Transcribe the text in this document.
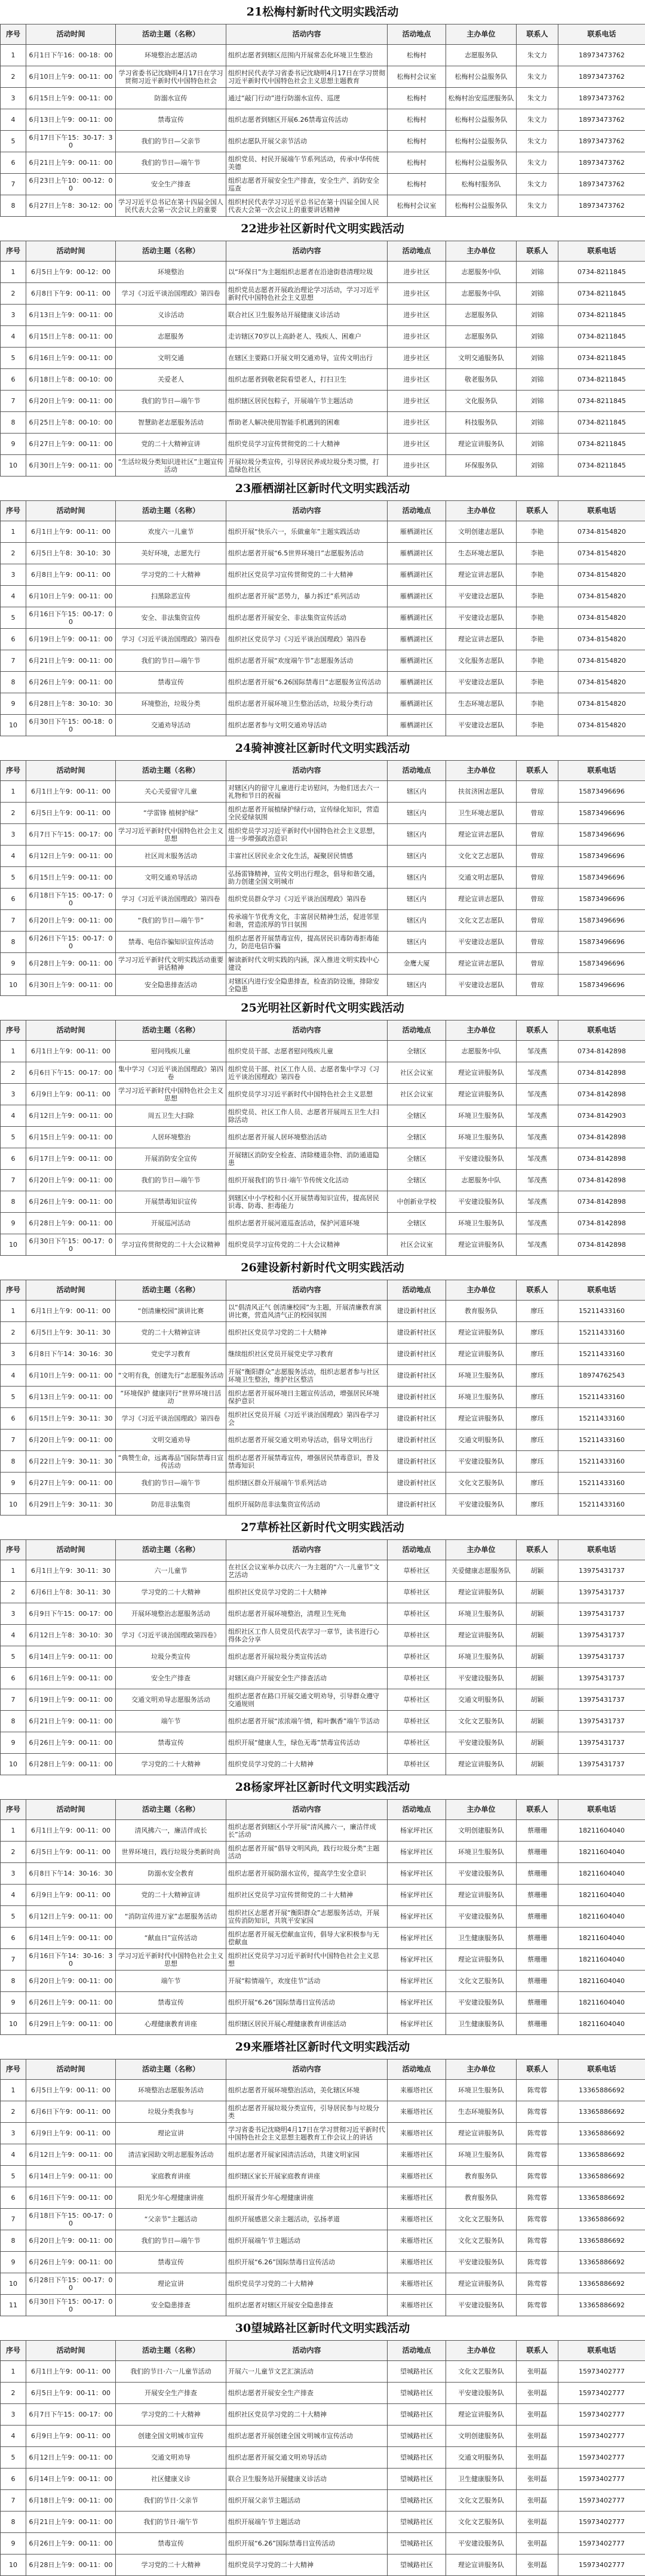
21松梅村新时代文明实践活动
序号	活动时间	活动主题（名称）	活动内容	活动地点	主办单位	联系人	联系电话
1	6月1日下午16：00-18：00	环境整治志愿活动	组织志愿者到辖区范围内开展常态化环境卫生整治	松梅村	志愿服务队	朱文力	18973473762
2	6月10日上午9：00-11：00	学习省委书记沈晓明4月17日在学习贯彻习近平新时代中国特色社会	组织村民代表学习省委书记沈晓明4月17日在学习贯彻习近平新时代中国特色社会主义思想主题教育	松梅村会议室	松梅村公益服务队	朱文力	18973473762
3	6月15日上午9：00-11：00	防溺水宣传	通过“敲门行动”进行防溺水宣传、巡逻	松梅村	松梅村治安巡逻服务队	朱文力	18973473762
4	6月13日上午9：00-11：00	禁毒宣传	组织志愿者到辖区开展6.26禁毒宣传活动	松梅村	松梅村公益服务队	朱文力	18973473762
5	6月17日下午15：30-17：30	我们的节日—父亲节	组织志愿队开展父亲节活动	松梅村	松梅村公益服务队	朱文力	18973473762
6	6月21日上午9：00-11：00	我们的节日—端午节	组织党员、村民开展端午节系列活动，传承中华传统美德	松梅村	松梅村公益服务队	朱文力	18973473762
7	6月23日上午10：00-12：00	安全生产排查	组织志愿者开展安全生产排查，安全生产、消防安全巡查	松梅村	松梅村服务队	朱文力	18973473762
8	6月27日上午8：30-12：00	学习习近平总书记在第十四届全国人民代表大会第一次会议上的重要	组织村民代表学习习近平总书记在第十四届全国人民代表大会第一次会议上的重要讲话精神	松梅村会议室	松梅村公益服务队	朱文力	18973473762
22进步社区新时代文明实践活动
序号	活动时间	活动主题（名称）	活动内容	活动地点	主办单位	联系人	联系电话
1	6月5日上午9：00-12：00	环境整治	以“环保日”为主题组织志愿者在沿途街巷清理垃圾	进步社区	志愿服务中队	刘锦	0734-8211845
2	6月8日下午9：00-11：00	学习《习近平谈治国理政》第四卷	组织党员志愿者开展政治理论学习活动，学习习近平新时代中国特色社会主义思想	进步社区	志愿服务中队	刘锦	0734-8211845
3	6月13日上午9：00-11：00	义诊活动	联合社区卫生服务站开展健康义诊活动	进步社区	志愿服务队	刘锦	0734-8211845
4	6月15日上午8：00-11：00	志愿服务	走访辖区70岁以上高龄老人、残疾人、困难户	进步社区	志愿服务队	刘锦	0734-8211845
5	6月16日上午9：00-11：00	文明交通	在辖区主要路口开展文明交通劝导，宣传文明出行	进步社区	文明交通服务队	刘锦	0734-8211845
6	6月18日上午8：00-10：00	关爱老人	组织志愿者到敬老院看望老人，打扫卫生	进步社区	敬老服务队	刘锦	0734-8211845
7	6月20日上午9：00-11：00	我们的节日—端午节	组织辖区居民包粽子，开展端午节主题活动	进步社区	文化服务队	刘锦	0734-8211845
8	6月25日上午8：00-10：00	智慧助老志愿服务活动	帮助老人解决使用智能手机遇到的困难	进步社区	科技服务队	刘锦	0734-8211845
9	6月27日上午9：00-11：00	党的二十大精神宣讲	组织党员学习宣传贯彻党的二十大精神	进步社区	理论宣讲服务队	刘锦	0734-8211845
10	6月30日上午9：00-11：00	“生活垃圾分类知识进社区”主题宣传活动	开展垃圾分类宣传，引导居民养成垃圾分类习惯，打造绿色社区	进步社区	环保服务队	刘锦	0734-8211845
23雁栖湖社区新时代文明实践活动
序号	活动时间	活动主题（名称）	活动内容	活动地点	主办单位	联系人	联系电话
1	6月1日上午9：00-11：00	欢度六一儿童节	组织开展“快乐六一，乐做童年”主题实践活动	雁栖湖社区	文明创建志愿队	李艳	0734-8154820
2	6月5日上午8：30-10：30	美好环境，志愿先行	组织志愿者开展“6.5世界环境日”志愿服务活动	雁栖湖社区	生态环境志愿队	李艳	0734-8154820
3	6月8日上午9：00-11：00	学习党的二十大精神	组织社区党员学习宣传贯彻党的二十大精神	雁栖湖社区	理论宣讲志愿队	李艳	0734-8154820
4	6月10日上午9：00-11：00	扫黑除恶宣传	组织志愿者开展“恶势力，暴力拆迁”系列活动	雁栖湖社区	平安建设志愿队	李艳	0734-8154820
5	6月16日下午15：00-17：00	安全、非法集资宣传	组织志愿者开展安全、非法集资宣传活动	雁栖湖社区	平安建设志愿队	李艳	0734-8154820
6	6月19日上午9：00-11：00	学习《习近平谈治国理政》第四卷	组织社区党员学习《习近平谈治国理政》第四卷	雁栖湖社区	理论宣讲志愿队	李艳	0734-8154820
7	6月21日上午9：00-11：00	我们的节日—端午节	组织志愿者开展“欢度端午节”志愿服务活动	雁栖湖社区	文化服务志愿队	李艳	0734-8154820
8	6月26日上午9：00-11：00	禁毒宣传	组织志愿者开展“6.26国际禁毒日”志愿服务宣传活动	雁栖湖社区	平安建设志愿队	李艳	0734-8154820
9	6月28日上午8：30-10：30	环境整治，垃圾分类	组织志愿者开展环境卫生整治活动，垃圾分类行动	雁栖湖社区	生态环境志愿队	李艳	0734-8154820
10	6月30日下午15：00-18：00	交通劝导活动	组织志愿者参与文明交通劝导活动	雁栖湖社区	平安建设志愿队	李艳	0734-8154820
24骑神渡社区新时代文明实践活动
序号	活动时间	活动主题（名称）	活动内容	活动地点	主办单位	联系人	联系电话
1	6月1日上午9：00-11：00	关心关爱留守儿童	对辖区内的留守儿童进行走访慰问，为他们送去六一礼物和节日的祝福	辖区内	扶贫济困志愿队	曾琼	15873496696
2	6月5日上午9：00-11：00	“学雷锋 植树护绿”	组织志愿者开展植绿护绿行动，宣传绿化知识，营造全民爱绿氛围	辖区内	卫生环境志愿队	曾琼	15873496696
3	6月7日下午15：00-17：00	学习习近平新时代中国特色社会主义思想	组织党员学习习近平新时代中国特色社会主义思想，进一步增强政治意识	辖区内	理论宣讲志愿队	曾琼	15873496696
4	6月12日上午9：00-11：00	社区周末服务活动	丰富社区居民业余文化生活，凝聚居民情感	辖区内	文化文艺志愿队	曾琼	15873496696
5	6月15日上午9：00-11：00	文明交通劝导活动	弘扬雷锋精神，宣传文明出行理念，倡导和谐交通，助力创建全国文明城市	辖区内	交通文明志愿队	曾琼	15873496696
6	6月18日下午15：00-17：00	学习《习近平谈治国理政》第四卷	组织党员群众学习《习近平谈治国理政》第四卷	辖区内	理论宣讲志愿队	曾琼	15873496696
7	6月20日上午9：00-11：00	“我们的节日—端午节”	传承端午节优秀文化，丰富居民精神生活，促进邻里和谐，营造浓厚的节日氛围	辖区内	文化文艺志愿队	曾琼	15873496696
8	6月26日下午15：00-17：00	禁毒、电信诈骗知识宣传活动	组织志愿者开展禁毒宣传，提高居民识毒防毒拒毒能力，防范电信诈骗	辖区内	平安建设志愿队	曾琼	15873496696
9	6月28日上午9：00-11：00	学习习近平新时代文明实践活动重要讲话精神	解读新时代文明实践的内涵，深入推进文明实践中心建设	金鹰大厦	理论宣讲志愿队	曾琼	15873496696
10	6月30日上午9：00-11：00	安全隐患排查活动	对辖区内进行安全隐患排查，检查消防设施，排除安全隐患	辖区内	平安建设志愿队	曾琼	15873496696
25光明社区新时代文明实践活动
序号	活动时间	活动主题（名称）	活动内容	活动地点	主办单位	联系人	联系电话
1	6月1日上午9：00-11：00	慰问残疾儿童	组织党员干部、志愿者慰问残疾儿童	全辖区	志愿服务中队	邹茂燕	0734-8142898
2	6月6日下午15：00-17：00	集中学习《习近平谈治国理政》第四卷	组织党员干部、社区工作人员、志愿者集中学习《习近平谈治国理政》第四卷	社区会议室	理论宣讲服务队	邹茂燕	0734-8142898
3	6月9日上午9：00-11：00	学习习近平新时代中国特色社会主义思想	组织党员学习习近平新时代中国特色社会主义思想	社区会议室	理论宣讲服务队	邹茂燕	0734-8142898
4	6月12日上午9：00-11：00	周五卫生大扫除	组织党员、社区工作人员、志愿者开展周五卫生大扫除活动	全辖区	环境卫生服务队	邹茂燕	0734-8142903
5	6月15日上午9：00-11：00	人居环境整治	组织志愿者开展人居环境整治活动	全辖区	环境卫生服务队	邹茂燕	0734-8142898
6	6月17日上午9：00-11：00	开展消防安全宣传	开展辖区消防安全检查、清除楼道杂物、消防通道隐患	全辖区	平安建设服务队	邹茂燕	0734-8142898
7	6月20日上午9：00-11：00	我们的节日—端午节	组织开展我们的节日·端午节传统文化活动	全辖区	志愿服务中队	邹茂燕	0734-8142898
8	6月26日上午9：00-11：00	开展禁毒知识宣传	到辖区中小学校和小区开展禁毒知识宣传，提高居民识毒、防毒、拒毒能力	中创新业学校	平安建设服务队	邹茂燕	0734-8142898
9	6月28日上午9：00-11：00	开展巡河活动	组织志愿者开展河道巡查活动，保护河道环境	全辖区	环境卫生服务队	邹茂燕	0734-8142898
10	6月30日下午15：00-17：00	学习宣传贯彻党的二十大会议精神	组织党员学习宣传党的二十大会议精神	社区会议室	理论宣讲服务队	邹茂燕	0734-8142898
26建设新村新时代文明实践活动
序号	活动时间	活动主题（名称）	活动内容	活动地点	主办单位	联系人	联系电话
1	6月1日上午9：00-11：00	“创清廉校园”演讲比赛	以“倡清风正气 创清廉校园”为主题，开展清廉教育演讲比赛，营造风清气正的校园氛围	建设新村社区	教育服务队	廖珏	15211433160
2	6月5日上午9：30-11：30	党的二十大精神宣讲	组织社区党员学习党的二十大精神	建设新村社区	理论宣讲服务队	廖珏	15211433160
3	6月8日下午14：30-16：30	党史学习教育	继续组织社区党员开展党史学习教育	建设新村社区	理论宣讲服务队	廖珏	15211433160
4	6月10日上午9：00-11：00	“文明有我，创建先行”志愿服务活动	开展“衡阳群众”志愿服务活动，组织志愿者参与社区环境卫生整治，维护社区整洁	建设新村社区	环境卫生服务队	廖珏	18974762543
5	6月13日上午9：00-11：00	“环境保护 健康同行”世界环境日活动	组织志愿者开展环境日主题宣传活动，增强居民环境保护意识	建设新村社区	环境卫生服务队	廖珏	15211433160
6	6月15日上午9：30-11：30	学习《习近平谈治国理政》第四卷	组织社区党员开展《习近平谈治国理政》第四卷学习会	建设新村社区	理论宣讲服务队	廖珏	15211433160
7	6月20日上午9：00-11：00	文明交通劝导	组织志愿者开展交通文明劝导活动，倡导文明出行	建设新村社区	交通文明服务队	廖珏	15211433160
8	6月22日上午9：30-11：30	“典赞生命，远离毒品”国际禁毒日宣传活动	组织志愿者开展禁毒宣传，增强居民禁毒意识，普及禁毒知识	建设新村社区	平安建设服务队	廖珏	15211433160
9	6月27日上午9：00-11：00	我们的节日—端午节	组织辖区群众开展端午节系列活动	建设新村社区	文化文艺服务队	廖珏	15211433160
10	6月29日上午9：30-11：30	防范非法集资	组织开展防范非法集资宣传活动	建设新村社区	平安建设服务队	廖珏	15211433160
27草桥社区新时代文明实践活动
序号	活动时间	活动主题（名称）	活动内容	活动地点	主办单位	联系人	联系电话
1	6月1日上午9：30-11：30	六一儿童节	在社区会议室举办以庆六一为主题的“六一儿童节”文艺活动	草桥社区	关爱健康志愿服务队	胡颖	13975431737
2	6月6日上午8：30-11：30	学习党的二十大精神	组织社区党员学习党的二十大精神	草桥社区	理论宣讲服务队	胡颖	13975431737
3	6月9日下午15：00-17：00	开展环境整治志愿服务活动	组织志愿者开展环境整治，清理卫生死角	草桥社区	环境卫生服务队	胡颖	13975431737
4	6月12日上午8：30-10：30	学习《习近平谈治国理政第四卷》	组织社区工作人员党员代表学习一章节，读书进行心得体会分享	草桥社区	理论宣讲服务队	胡颖	13975431737
5	6月14日上午9：00-11：00	垃圾分类宣传	组织志愿者开展垃圾分类宣传活动	草桥社区	环境卫生服务队	胡颖	13975431737
6	6月16日上午9：00-11：00	安全生产排查	对辖区商户开展安全生产排查活动	草桥社区	平安建设服务队	胡颖	13975431737
7	6月19日上午9：00-11：00	交通文明劝导志愿服务活动	组织志愿者在路口开展交通文明劝导，引导群众遵守交通规则	草桥社区	交通文明服务队	胡颖	13975431737
8	6月21日上午9：00-11：00	端午节	组织志愿者开展“浓浓端午情，粽叶飘香”端午节活动	草桥社区	文化文艺服务队	胡颖	13975431737
9	6月26日上午9：00-11：00	禁毒宣传	组织开展“健康人生，绿色无毒”禁毒宣传活动	草桥社区	平安建设服务队	胡颖	13975431737
10	6月28日上午9：00-11：00	学习党的二十大精神	组织党员学习党的二十大精神	草桥社区	理论宣讲服务队	胡颖	13975431737
28杨家坪社区新时代文明实践活动
序号	活动时间	活动主题（名称）	活动内容	活动地点	主办单位	联系人	联系电话
1	6月1日上午9：00-11：00	清风拂六一，廉洁伴成长	组织志愿者到辖区小学开展“清风拂六一，廉洁伴成长”活动	杨家坪社区	文明创建服务队	蔡珊珊	18211604040
2	6月5日上午9：00-11：00	世界环境日，践行垃圾分类新时尚	组织志愿者开展“倡导文明风尚，践行垃圾分类”主题活动	杨家坪社区	环境卫生服务队	蔡珊珊	18211604040
3	6月8日下午14：30-16：30	防溺水安全教育	组织志愿者开展防溺水宣传，提高学生安全意识	杨家坪社区	平安建设服务队	蔡珊珊	18211604040
4	6月9日上午9：00-11：00	党的二十大精神宣讲	组织社区党员学习宣传贯彻党的二十大精神	杨家坪社区	理论宣讲服务队	蔡珊珊	18211604040
5	6月12日上午9：00-11：00	“消防宣传进万家”志愿服务活动	组织社区志愿者开展“衡阳群众”志愿服务活动，开展宣传消防知识，共筑平安家园	杨家坪社区	平安建设服务队	蔡珊珊	18211604040
6	6月14日上午9：00-11：00	“献血日”宣传活动	组织志愿者开展无偿献血宣传，倡导大家积极参与无偿献血	杨家坪社区	卫生健康服务队	蔡珊珊	18211604040
7	6月16日下午14：30-16：30	学习习近平新时代中国特色社会主义思想	组织社区党员学习习近平新时代中国特色社会主义思想	杨家坪社区	理论宣讲服务队	蔡珊珊	18211604040
8	6月20日上午9：00-11：00	端午节	开展“粽情端午，欢度佳节”活动	杨家坪社区	文化文艺服务队	蔡珊珊	18211604040
9	6月26日上午9：00-11：00	禁毒宣传	组织开展“6.26”国际禁毒日宣传活动	杨家坪社区	平安建设服务队	蔡珊珊	18211604040
10	6月29日上午9：00-11：00	心理健康教育讲座	组织辖区居民开展心理健康教育讲座活动	杨家坪社区	卫生健康服务队	蔡珊珊	18211604040
29来雁塔社区新时代文明实践活动
序号	活动时间	活动主题（名称）	活动内容	活动地点	主办单位	联系人	联系电话
1	6月5日上午9：00-11：00	环境整治志愿服务活动	组织志愿者开展环境整治活动，美化辖区环境	来雁塔社区	环境卫生服务队	陈莺蓉	13365886692
2	6月6日下午9：00-11：00	垃圾分类我参与	组织志愿者开展垃圾分类宣传，引导居民参与垃圾分类	来雁塔社区	生态环境服务队	陈莺蓉	13365886692
3	6月9日上午9：00-11：00	理论宣讲	学习省委书记沈晓明4月17日在学习贯彻习近平新时代中国特色社会主义思想主题教育工作会议上的讲话	来雁塔社区	理论宣讲服务队	陈莺蓉	13365886692
4	6月12日上午9：00-11：00	清洁家园助文明志愿服务活动	组织志愿者开展家园清洁活动，共建文明家园	来雁塔社区	环境卫生服务队	陈莺蓉	13365886692
5	6月14日上午9：00-11：00	家庭教育讲座	组织辖区家长开展家庭教育讲座	来雁塔社区	教育服务队	陈莺蓉	13365886692
6	6月16日下午9：00-11：00	阳光少年心理健康讲座	组织开展青少年心理健康讲座	来雁塔社区	教育服务队	陈莺蓉	13365886692
7	6月18日下午15：00-17：00	“父亲节”主题活动	组织开展感恩父亲主题活动，弘扬孝道	来雁塔社区	文化文艺服务队	陈莺蓉	13365886692
8	6月20日上午9：00-11：00	我们的节日—端午节	组织开展端午节主题活动	来雁塔社区	文化文艺服务队	陈莺蓉	13365886692
9	6月26日上午9：00-11：00	禁毒宣传	组织开展“6.26”国际禁毒日宣传活动	来雁塔社区	平安建设服务队	陈莺蓉	13365886692
10	6月28日下午15：00-17：00	理论宣讲	组织党员学习党的二十大精神	来雁塔社区	理论宣讲服务队	陈莺蓉	13365886692
11	6月30日下午15：00-17：00	安全隐患排查	组织志愿者对辖区开展安全隐患排查	来雁塔社区	平安建设服务队	陈莺蓉	13365886692
30望城路社区新时代文明实践活动
序号	活动时间	活动主题（名称）	活动内容	活动地点	主办单位	联系人	联系电话
1	6月1日上午9：00-11：00	我们的节日·六一儿童节活动	开展六一儿童节文艺汇演活动	望城路社区	文化文艺服务队	张明磊	15973402777
2	6月5日上午9：00-11：00	开展安全生产排查	组织志愿者开展安全生产排查	望城路社区	平安建设服务队	张明磊	15973402777
3	6月7日下午15：00-17：00	学习党的二十大精神	组织社区党员学习党的二十大精神	望城路社区	理论宣讲服务队	张明磊	15973402777
4	6月9日上午9：00-11：00	创建全国文明城市宣传	组织志愿者开展创建全国文明城市宣传活动	望城路社区	文明创建服务队	张明磊	15973402777
5	6月12日上午9：00-11：00	交通文明劝导	组织志愿者开展交通文明劝导活动	望城路社区	交通文明服务队	张明磊	15973402777
6	6月14日上午9：00-11：00	社区健康义诊	联合卫生服务站开展健康义诊活动	望城路社区	卫生健康服务队	张明磊	15973402777
7	6月18日上午9：00-11：00	我们的节日·父亲节	组织开展父亲节主题活动	望城路社区	文化文艺服务队	张明磊	15973402777
8	6月21日上午9：00-11：00	我们的节日·端午节	组织开展端午节主题活动	望城路社区	文化文艺服务队	张明磊	15973402777
9	6月26日上午9：00-11：00	禁毒宣传	组织开展“6.26”国际禁毒日宣传活动	望城路社区	平安建设服务队	张明磊	15973402777
10	6月28日上午9：00-11：00	学习党的二十大精神	组织党员学习党的二十大精神	望城路社区	理论宣讲服务队	张明磊	15973402777
